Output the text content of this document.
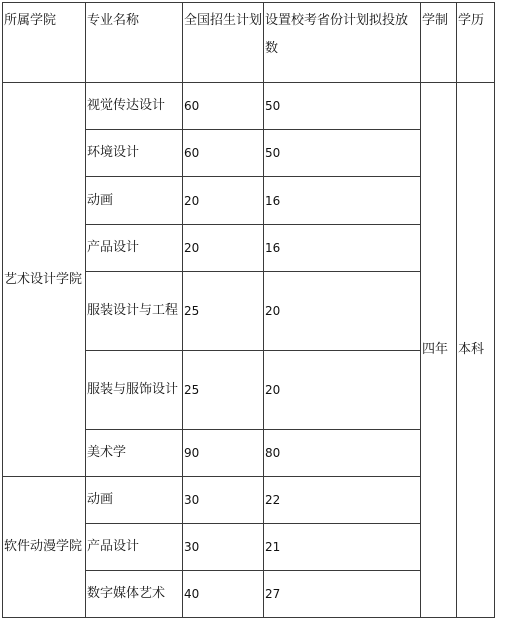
所属学院	专业名称	全国招生计划	设置校考省份计划拟投放数	学制	学历
艺术设计学院	视觉传达设计	60	50	四年	本科
	环境设计	60	50		
	动画	20	16		
	产品设计	20	16		
	服装设计与工程	25	20		
	服装与服饰设计	25	20		
	美术学	90	80		
软件动漫学院	动画	30	22		
	产品设计	30	21		
	数字媒体艺术	40	27		
